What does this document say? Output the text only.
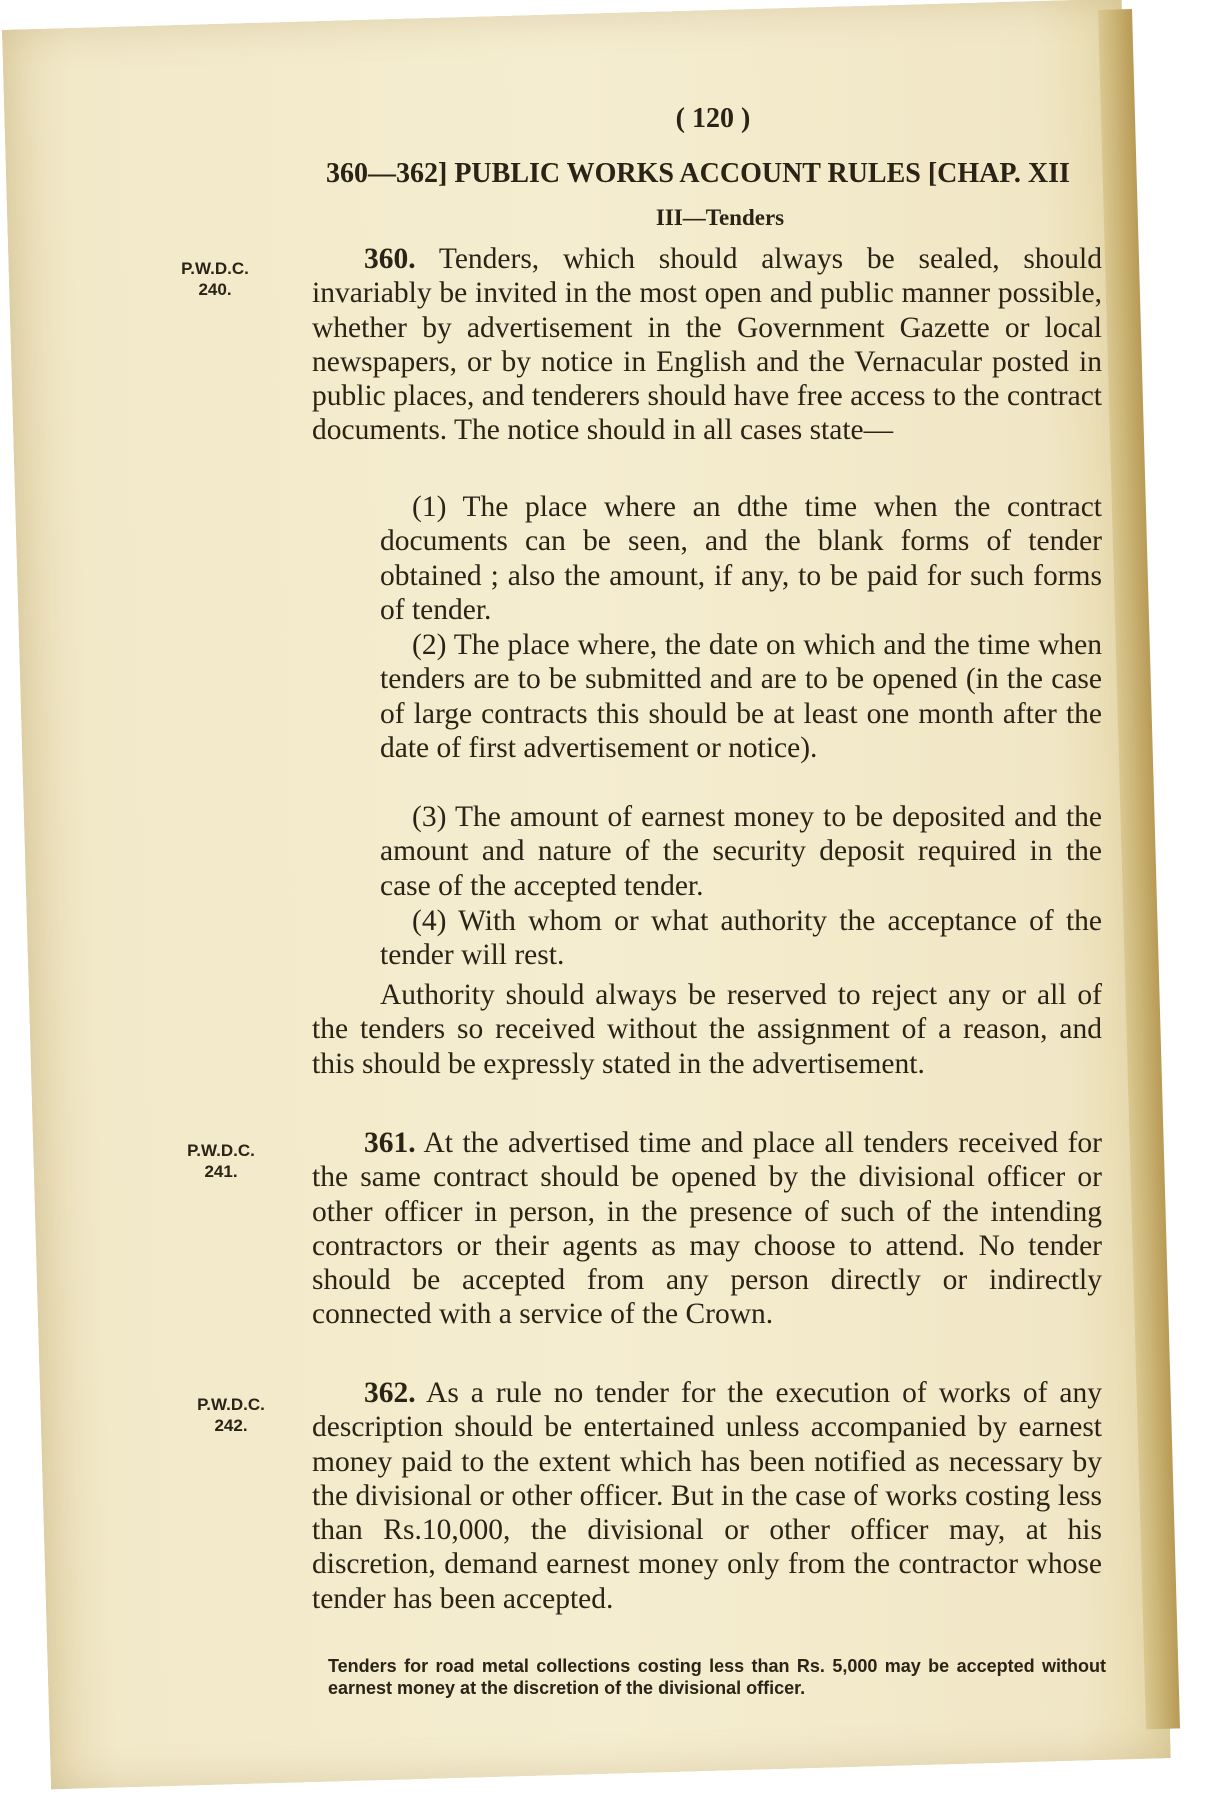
( 120 )
360—362] PUBLIC WORKS ACCOUNT RULES [CHAP. XII
III—Tenders
P.W.D.C.
240.
P.W.D.C.
241.
P.W.D.C.
242.
360. Tenders, which should always be sealed, should invariably be invited in the most open and public manner possible, whether by advertisement in the Government Gazette or local newspapers, or by notice in English and the Vernacular posted in public places, and tenderers should have free access to the contract documents. The notice should in all cases state—
(1) The place where an dthe time when the contract documents can be seen, and the blank forms of tender obtained ; also the amount, if any, to be paid for such forms of tender.
(2) The place where, the date on which and the time when tenders are to be submitted and are to be opened (in the case of large contracts this should be at least one month after the date of first advertisement or notice).
(3) The amount of earnest money to be deposited and the amount and nature of the security deposit required in the case of the accepted tender.
(4) With whom or what authority the acceptance of the tender will rest.
Authority should always be reserved to reject any or all of the tenders so received without the assignment of a reason, and this should be expressly stated in the advertisement.
361. At the advertised time and place all tenders received for the same contract should be opened by the divisional officer or other officer in person, in the presence of such of the intending contractors or their agents as may choose to attend. No tender should be accepted from any person directly or indirectly connected with a service of the Crown.
362. As a rule no tender for the execution of works of any description should be entertained unless accompanied by earnest money paid to the extent which has been notified as necessary by the divisional or other officer. But in the case of works costing less than Rs.10,000, the divisional or other officer may, at his discretion, demand earnest money only from the contractor whose tender has been accepted.
Tenders for road metal collections costing less than Rs. 5,000 may be accepted without earnest money at the discretion of the divisional officer.
